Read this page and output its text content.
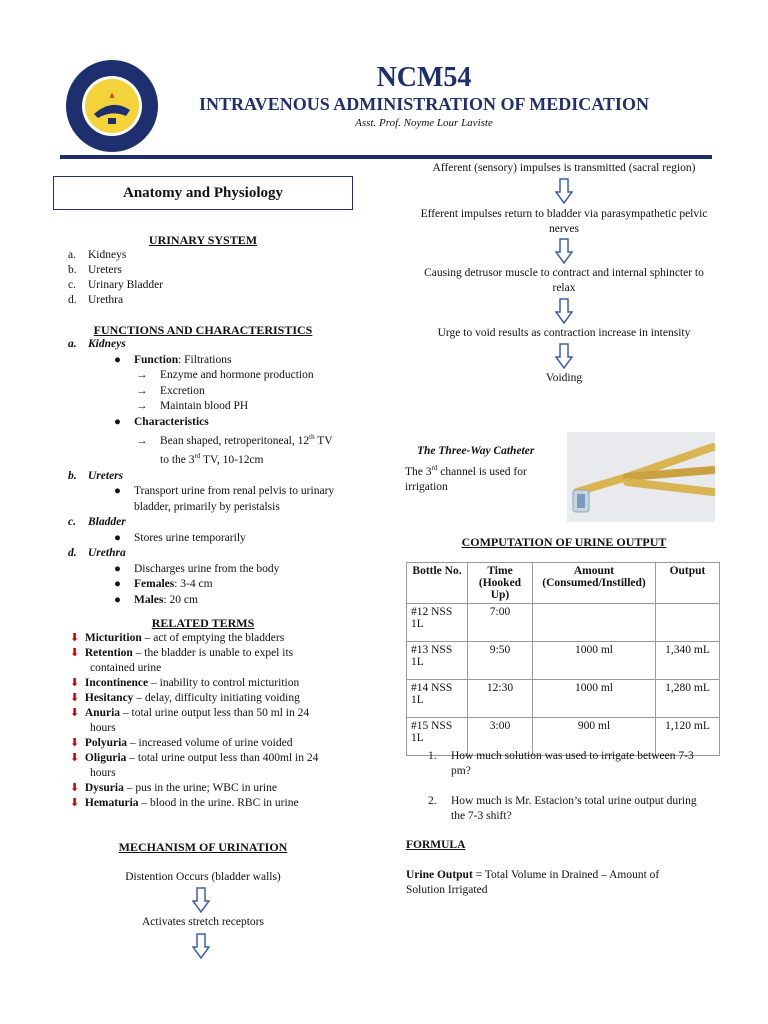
NCM54
INTRAVENOUS ADMINISTRATION OF MEDICATION
Asst. Prof. Noyme Lour Laviste
Anatomy and Physiology
URINARY SYSTEM
a. Kidneys
b. Ureters
c. Urinary Bladder
d. Urethra
FUNCTIONS AND CHARACTERISTICS
a. Kidneys
● Function: Filtrations
→ Enzyme and hormone production
→ Excretion
→ Maintain blood PH
● Characteristics
→ Bean shaped, retroperitoneal, 12th TV
to the 3rd TV, 10-12cm
b. Ureters
● Transport urine from renal pelvis to urinary
bladder, primarily by peristalsis
c. Bladder
● Stores urine temporarily
d. Urethra
● Discharges urine from the body
● Females: 3-4 cm
● Males: 20 cm
RELATED TERMS
⬇ Micturition – act of emptying the bladders
⬇ Retention – the bladder is unable to expel its
contained urine
⬇ Incontinence – inability to control micturition
⬇ Hesitancy – delay, difficulty initiating voiding
⬇ Anuria – total urine output less than 50 ml in 24
hours
⬇ Polyuria – increased volume of urine voided
⬇ Oliguria – total urine output less than 400ml in 24
hours
⬇ Dysuria – pus in the urine; WBC in urine
⬇ Hematuria – blood in the urine. RBC in urine
MECHANISM OF URINATION
Distention Occurs (bladder walls)
Activates stretch receptors
Afferent (sensory) impulses is transmitted (sacral region)
Efferent impulses return to bladder via parasympathetic pelvic
nerves
Causing detrusor muscle to contract and internal sphincter to
relax
Urge to void results as contraction increase in intensity
Voiding
The Three-Way Catheter
The 3rd channel is used for
irrigation
COMPUTATION OF URINE OUTPUT
Bottle No.	Time (Hooked Up)	Amount (Consumed/Instilled)	Output
#12 NSS 1L	7:00		
#13 NSS 1L	9:50	1000 ml	1,340 mL
#14 NSS 1L	12:30	1000 ml	1,280 mL
#15 NSS 1L	3:00	900 ml	1,120 mL
1. How much solution was used to irrigate between 7-3
pm?
2. How much is Mr. Estacion’s total urine output during
the 7-3 shift?
FORMULA
Urine Output = Total Volume in Drained – Amount of
Solution Irrigated
